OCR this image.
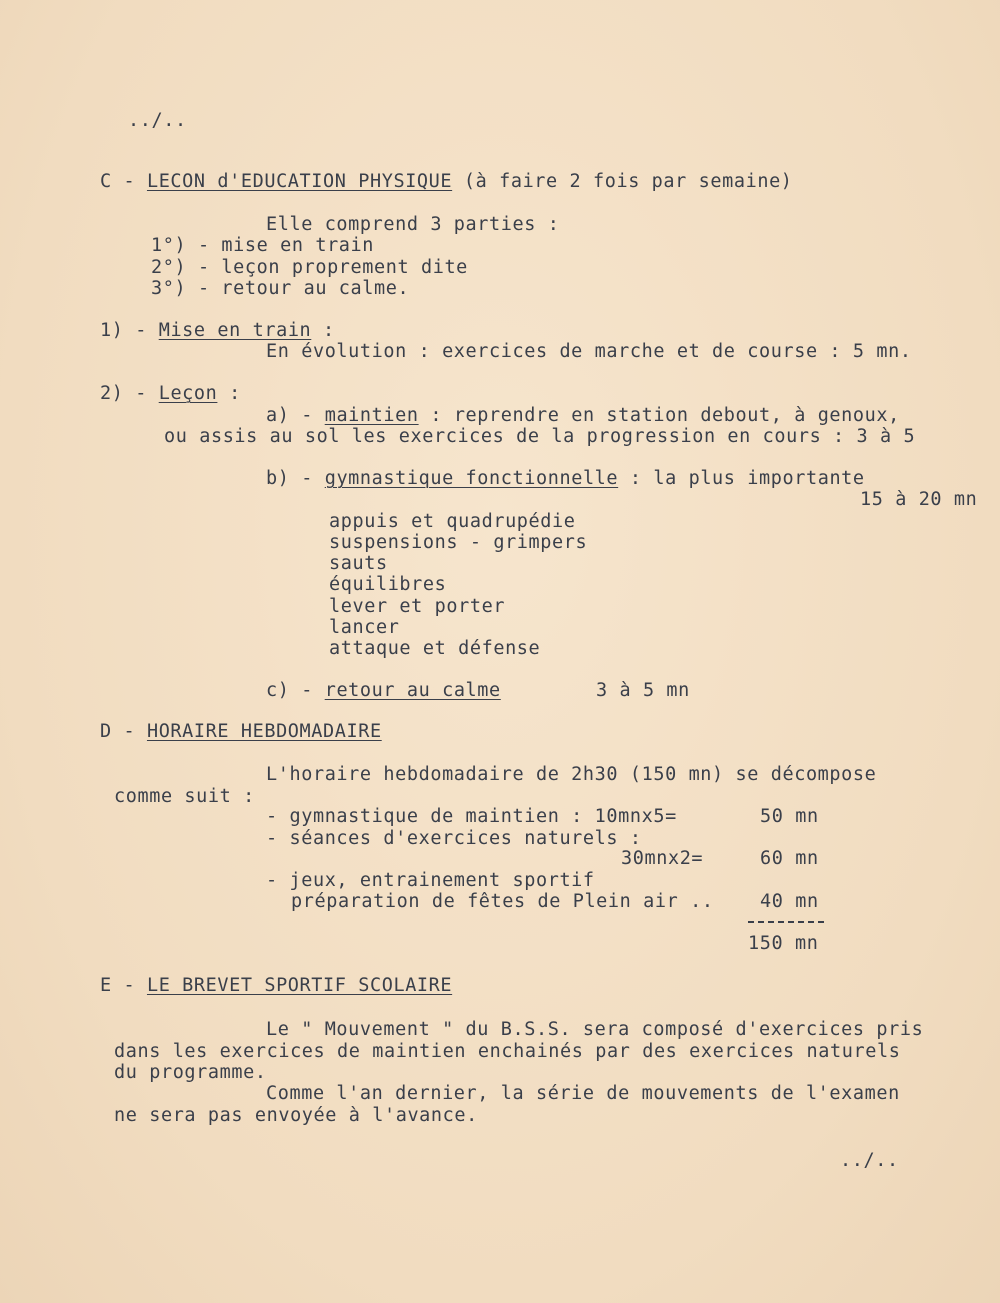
../..
C - LECON d'EDUCATION PHYSIQUE (à faire 2 fois par semaine)
Elle comprend 3 parties :
1°) - mise en train
2°) - leçon proprement dite
3°) - retour au calme.
1) - Mise en train :
En évolution : exercices de marche et de course : 5 mn.
2) - Leçon :
a) - maintien : reprendre en station debout, à genoux,
ou assis au sol les exercices de la progression en cours : 3 à 5
b) - gymnastique fonctionnelle : la plus importante
15 à 20 mn
appuis et quadrupédie
suspensions - grimpers
sauts
équilibres
lever et porter
lancer
attaque et défense
c) - retour au calme	3 à 5 mn
D - HORAIRE HEBDOMADAIRE
L'horaire hebdomadaire de 2h30 (150 mn) se décompose
comme suit :
- gymnastique de maintien : 10mnx5=	50 mn
- séances d'exercices naturels :
30mnx2=	60 mn
- jeux, entrainement sportif
préparation de fêtes de Plein air ..	40 mn
150 mn
E - LE BREVET SPORTIF SCOLAIRE
Le " Mouvement " du B.S.S. sera composé d'exercices pris
dans les exercices de maintien enchainés par des exercices naturels
du programme.
Comme l'an dernier, la série de mouvements de l'examen
ne sera pas envoyée à l'avance.
../..
